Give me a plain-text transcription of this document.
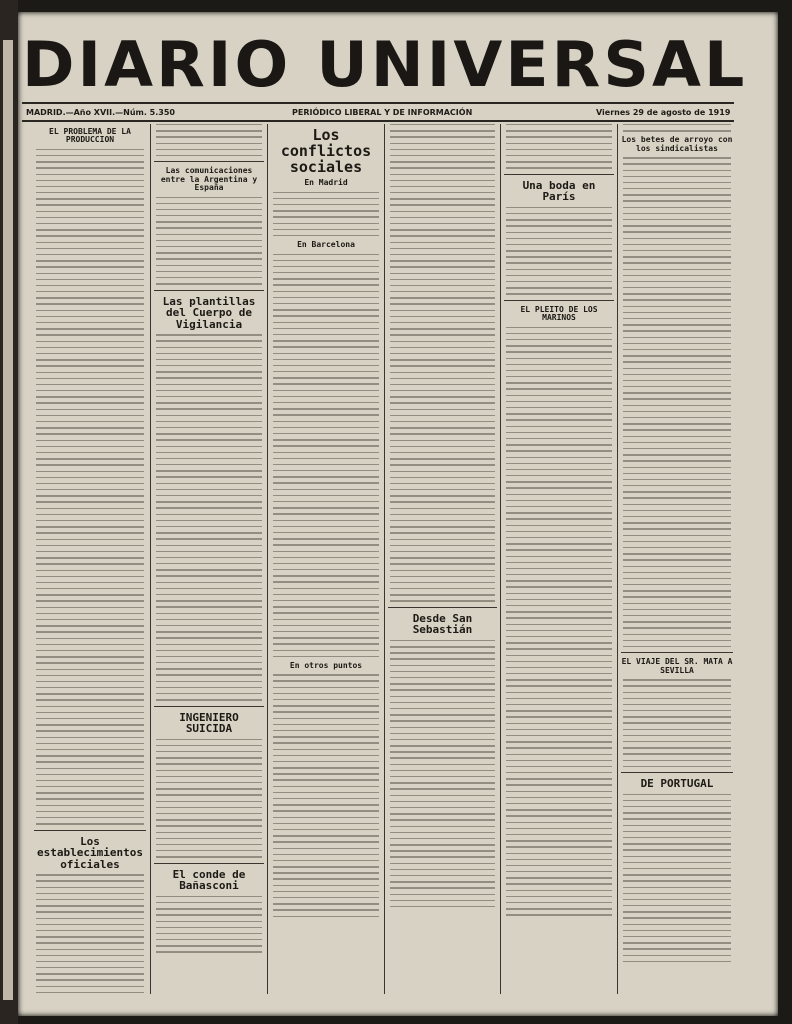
DIARIO UNIVERSAL
MADRID.—Año XVII.—Núm. 5.350	PERIÓDICO LIBERAL Y DE INFORMACIÓN	Viernes 29 de agosto de 1919
EL PROBLEMA DE LA PRODUCCION
Los establecimientos oficiales
Las comunicaciones entre la Argentina y España
Las plantillas del Cuerpo de Vigilancia
INGENIERO SUICIDA
El conde de Bañasconi
Los conflictos sociales
En Madrid
En Barcelona
En otros puntos
Desde San Sebastián
Una boda en París
EL PLEITO DE LOS MARINOS
Los betes de arroyo con los sindicalistas
EL VIAJE DEL SR. MATA A SEVILLA
DE PORTUGAL
